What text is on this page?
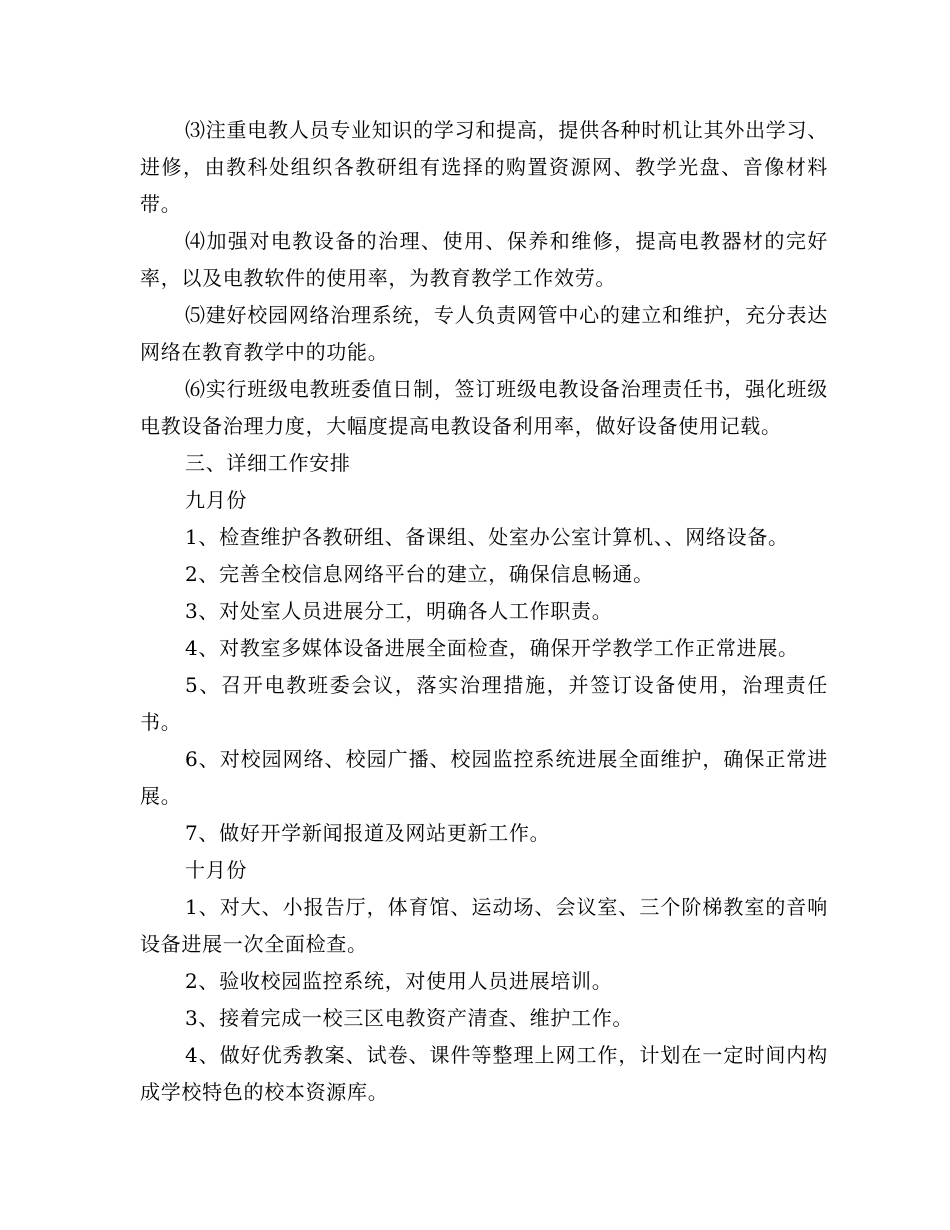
⑶注重电教人员专业知识的学习和提高，提供各种时机让其外出学习、进修，由教科处组织各教研组有选择的购置资源网、教学光盘、音像材料带。

⑷加强对电教设备的治理、使用、保养和维修，提高电教器材的完好率，以及电教软件的使用率，为教育教学工作效劳。

⑸建好校园网络治理系统，专人负责网管中心的建立和维护，充分表达网络在教育教学中的功能。

⑹实行班级电教班委值日制，签订班级电教设备治理责任书，强化班级电教设备治理力度，大幅度提高电教设备利用率，做好设备使用记载。

三、详细工作安排

九月份

1、检查维护各教研组、备课组、处室办公室计算机、、网络设备。

2、完善全校信息网络平台的建立，确保信息畅通。

3、对处室人员进展分工，明确各人工作职责。

4、对教室多媒体设备进展全面检查，确保开学教学工作正常进展。

5、召开电教班委会议，落实治理措施，并签订设备使用，治理责任书。

6、对校园网络、校园广播、校园监控系统进展全面维护，确保正常进展。

7、做好开学新闻报道及网站更新工作。

十月份

1、对大、小报告厅，体育馆、运动场、会议室、三个阶梯教室的音响设备进展一次全面检查。

2、验收校园监控系统，对使用人员进展培训。

3、接着完成一校三区电教资产清查、维护工作。

4、做好优秀教案、试卷、课件等整理上网工作，计划在一定时间内构成学校特色的校本资源库。
